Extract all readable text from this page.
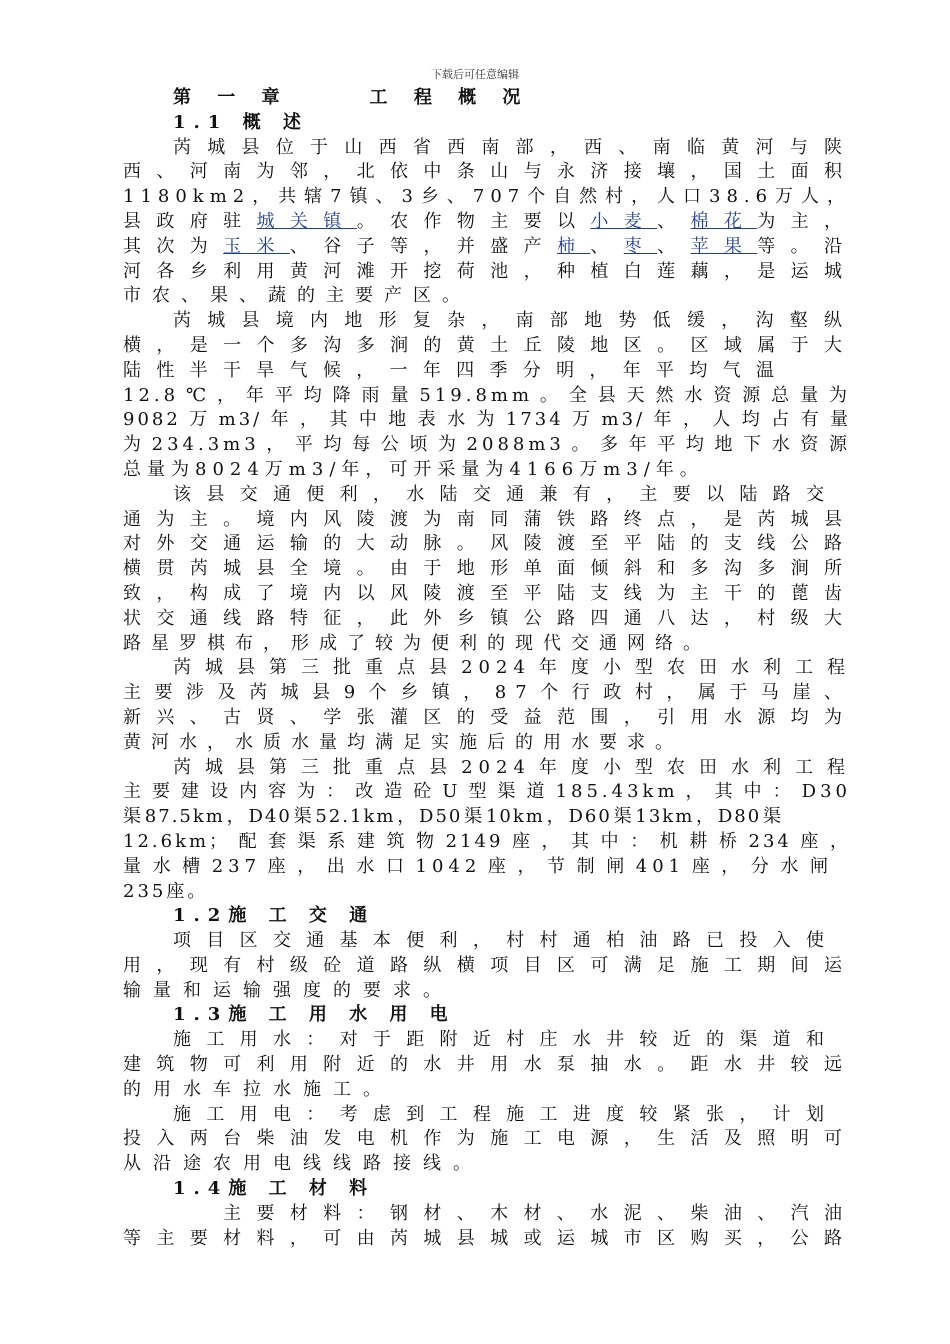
下载后可任意编辑
第 一 章	工 程 概 况
1.1 概 述
芮城县位于山西省西南部，西、南临黄河与陕
西、河南为邻，北依中条山与永济接壤，国土面积
1180km2，共辖7镇、3乡、707个自然村，人口38.6万人，
县政府驻城关镇。农作物主要以小麦、棉花为主，
其次为玉米、谷子等，并盛产柿、枣、苹果等。沿
河各乡利用黄河滩开挖荷池，种植白莲藕，是运城
市农、果、蔬的主要产区。
芮城县境内地形复杂，南部地势低缓，沟壑纵
横，是一个多沟多涧的黄土丘陵地区。区域属于大
陆性半干旱气候，一年四季分明，年平均气温
12.8℃，年平均降雨量519.8mm。全县天然水资源总量为
9082万m3/年，其中地表水为1734万m3/年，人均占有量
为234.3m3，平均每公顷为2088m3。多年平均地下水资源
总量为8024万m3/年，可开采量为4166万m3/年。
该县交通便利，水陆交通兼有，主要以陆路交
通为主。境内风陵渡为南同蒲铁路终点，是芮城县
对外交通运输的大动脉。风陵渡至平陆的支线公路
横贯芮城县全境。由于地形单面倾斜和多沟多涧所
致，构成了境内以风陵渡至平陆支线为主干的蓖齿
状交通线路特征，此外乡镇公路四通八达，村级大
路星罗棋布，形成了较为便利的现代交通网络。
芮城县第三批重点县2024年度小型农田水利工程
主要涉及芮城县9个乡镇，87个行政村，属于马崖、
新兴、古贤、学张灌区的受益范围，引用水源均为
黄河水，水质水量均满足实施后的用水要求。
芮城县第三批重点县2024年度小型农田水利工程
主要建设内容为：改造砼U型渠道185.43km，其中：D30
渠87.5km，D40渠52.1km，D50渠10km，D60渠13km，D80渠
12.6km；配套渠系建筑物2149座，其中：机耕桥234座，
量水槽237座，出水口1042座，节制闸401座，分水闸
235座。
1.2施 工 交 通
项目区交通基本便利，村村通柏油路已投入使
用，现有村级砼道路纵横项目区可满足施工期间运
输量和运输强度的要求。
1.3施 工 用 水 用 电
施工用水：对于距附近村庄水井较近的渠道和
建筑物可利用附近的水井用水泵抽水。距水井较远
的用水车拉水施工。
施工用电：考虑到工程施工进度较紧张，计划
投入两台柴油发电机作为施工电源，生活及照明可
从沿途农用电线线路接线。
1.4施 工 材 料
主要材料：钢材、木材、水泥、柴油、汽油
等主要材料，可由芮城县城或运城市区购买，公路
